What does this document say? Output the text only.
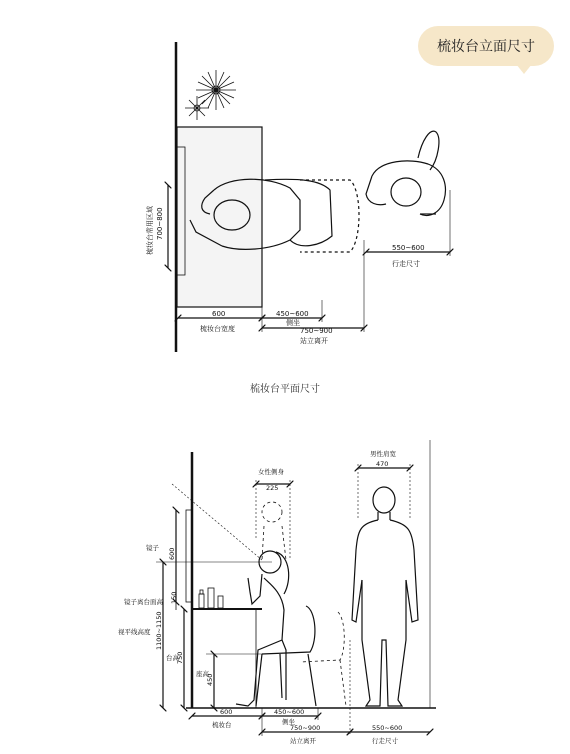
梳妆台常用区域 700~800
600
梳妆台宽度
450~600
侧坐
750~900
站立离开
550~600
行走尺寸
镜子 600
镜子离台面高 150
视平线高度 1100~1150
台高
750
座高
450
女性侧身
225
男性肩宽
470
600
梳妆台
450~600
侧坐
750~900
站立离开
550~600
行走尺寸
梳妆台立面尺寸
梳妆台平面尺寸
